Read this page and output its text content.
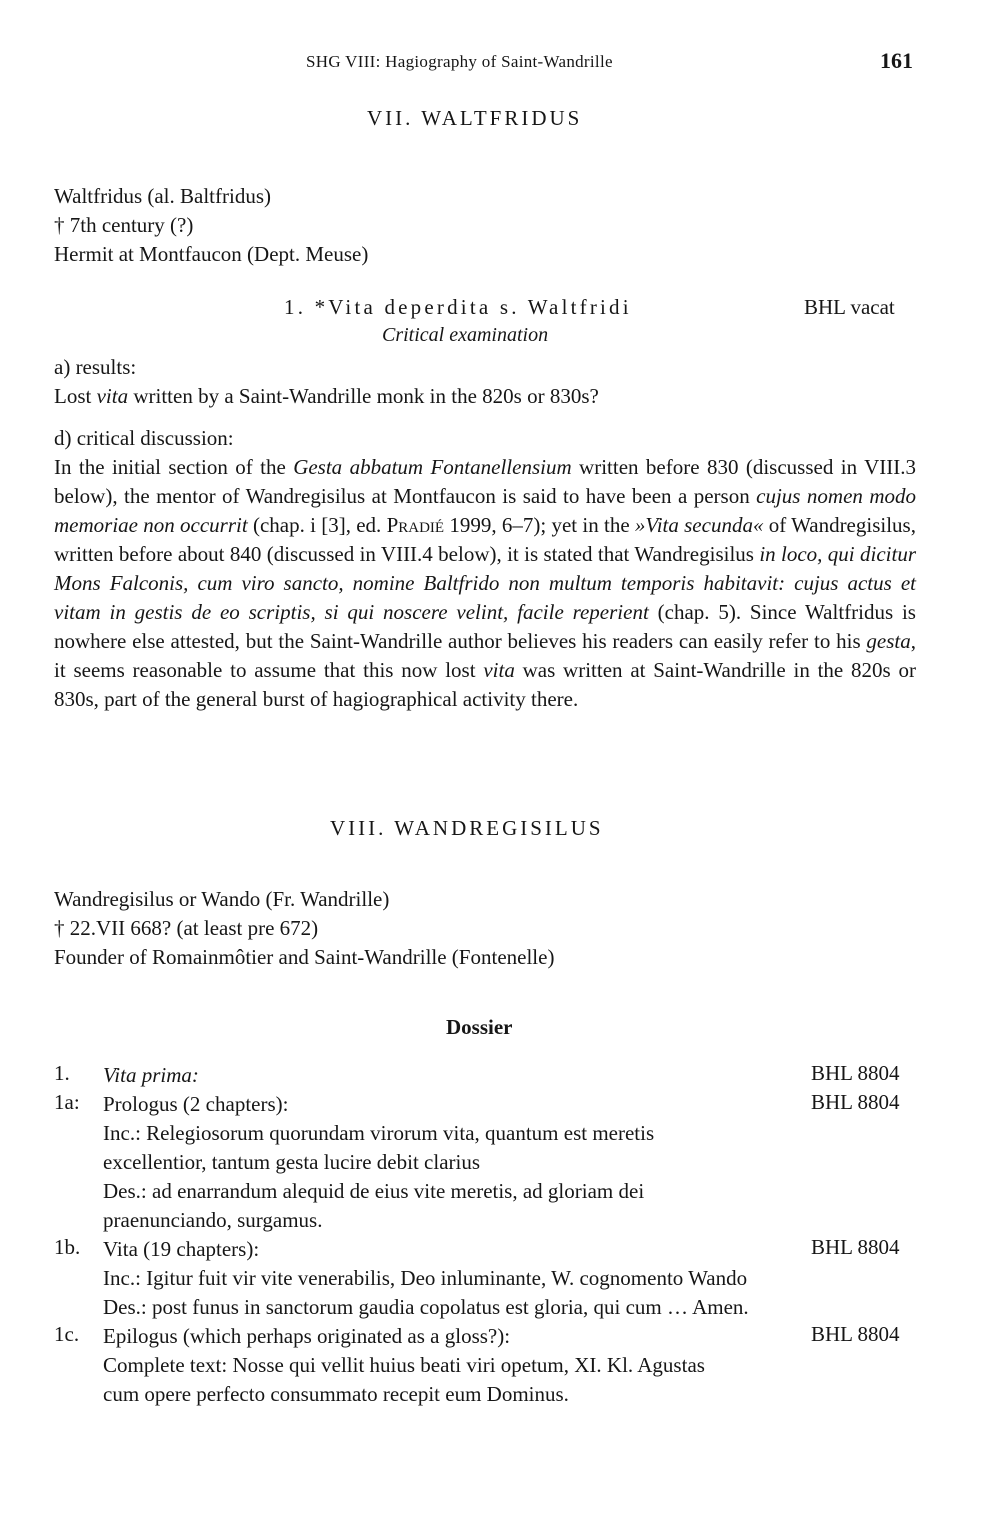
SHG VIII: Hagiography of Saint-Wandrille	161
VII. WALTFRIDUS
Waltfridus (al. Baltfridus)
† 7th century (?)
Hermit at Montfaucon (Dept. Meuse)
1. *Vita deperdita s. Waltfridi	BHL vacat
Critical examination
a) results:
Lost vita written by a Saint-Wandrille monk in the 820s or 830s?
d) critical discussion:
In the initial section of the Gesta abbatum Fontanellensium written before 830 (discussed in VIII.3 below), the mentor of Wandregisilus at Montfaucon is said to have been a person cujus nomen modo memoriae non occurrit (chap. i [3], ed. Pradié 1999, 6–7); yet in the »Vita secunda« of Wandregisilus, written before about 840 (discussed in VIII.4 below), it is stated that Wandregisilus in loco, qui dicitur Mons Falconis, cum viro sancto, nomine Baltfrido non multum temporis habitavit: cujus actus et vitam in gestis de eo scriptis, si qui noscere velint, facile reperient (chap. 5). Since Waltfridus is nowhere else attested, but the Saint-Wandrille author believes his readers can easily refer to his gesta, it seems reasonable to assume that this now lost vita was written at Saint-Wandrille in the 820s or 830s, part of the general burst of hagiographical activity there.
VIII. WANDREGISILUS
Wandregisilus or Wando (Fr. Wandrille)
† 22.VII 668? (at least pre 672)
Founder of Romainmôtier and Saint-Wandrille (Fontenelle)
Dossier
1. Vita prima:	BHL 8804
1a: Prologus (2 chapters):	BHL 8804
Inc.: Relegiosorum quorundam virorum vita, quantum est meretis
excellentior, tantum gesta lucire debit clarius
Des.: ad enarrandum alequid de eius vite meretis, ad gloriam dei
praenunciando, surgamus.
1b. Vita (19 chapters):	BHL 8804
Inc.: Igitur fuit vir vite venerabilis, Deo inluminante, W. cognomento Wando
Des.: post funus in sanctorum gaudia copolatus est gloria, qui cum … Amen.
1c. Epilogus (which perhaps originated as a gloss?):	BHL 8804
Complete text: Nosse qui vellit huius beati viri opetum, XI. Kl. Agustas
cum opere perfecto consummato recepit eum Dominus.
